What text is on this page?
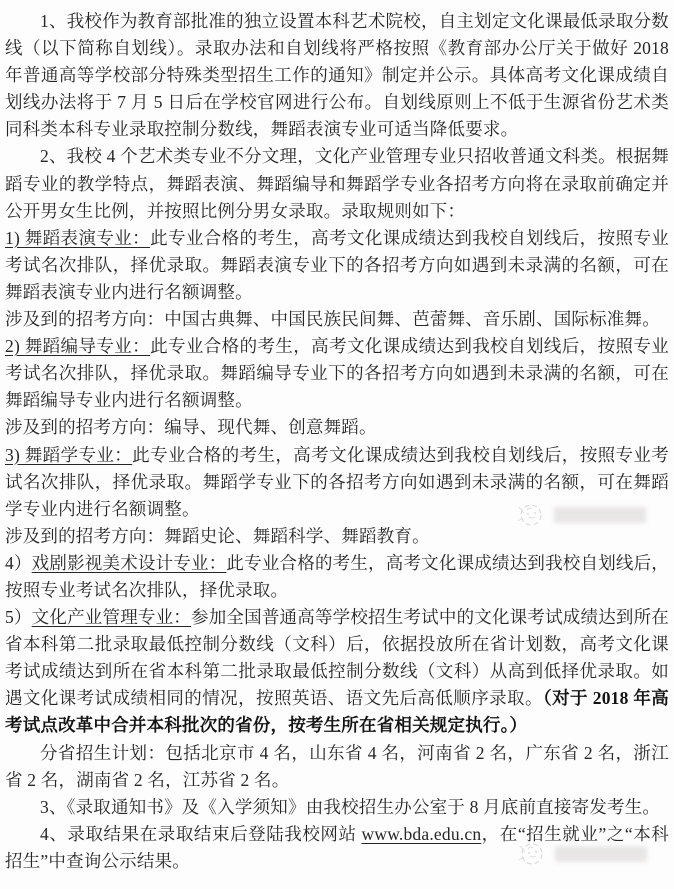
1、我校作为教育部批准的独立设置本科艺术院校，自主划定文化课最低录取分数线（以下简称自划线）。录取办法和自划线将严格按照《教育部办公厅关于做好 2018 年普通高等学校部分特殊类型招生工作的通知》制定并公示。具体高考文化课成绩自划线办法将于 7 月 5 日后在学校官网进行公布。自划线原则上不低于生源省份艺术类同科类本科专业录取控制分数线，舞蹈表演专业可适当降低要求。

2、我校 4 个艺术类专业不分文理，文化产业管理专业只招收普通文科类。根据舞蹈专业的教学特点，舞蹈表演、舞蹈编导和舞蹈学专业各招考方向将在录取前确定并公开男女生比例，并按照比例分男女录取。录取规则如下：

1) 舞蹈表演专业：此专业合格的考生，高考文化课成绩达到我校自划线后，按照专业考试名次排队，择优录取。舞蹈表演专业下的各招考方向如遇到未录满的名额，可在舞蹈表演专业内进行名额调整。

涉及到的招考方向：中国古典舞、中国民族民间舞、芭蕾舞、音乐剧、国际标准舞。

2) 舞蹈编导专业：此专业合格的考生，高考文化课成绩达到我校自划线后，按照专业考试名次排队，择优录取。舞蹈编导专业下的各招考方向如遇到未录满的名额，可在舞蹈编导专业内进行名额调整。

涉及到的招考方向：编导、现代舞、创意舞蹈。

3) 舞蹈学专业：此专业合格的考生，高考文化课成绩达到我校自划线后，按照专业考试名次排队，择优录取。舞蹈学专业下的各招考方向如遇到未录满的名额，可在舞蹈学专业内进行名额调整。

涉及到的招考方向：舞蹈史论、舞蹈科学、舞蹈教育。

4）戏剧影视美术设计专业：此专业合格的考生，高考文化课成绩达到我校自划线后，按照专业考试名次排队，择优录取。

5）文化产业管理专业：参加全国普通高等学校招生考试中的文化课考试成绩达到所在省本科第二批录取最低控制分数线（文科）后，依据投放所在省计划数，高考文化课考试成绩达到所在省本科第二批录取最低控制分数线（文科）从高到低择优录取。如遇文化课考试成绩相同的情况，按照英语、语文先后高低顺序录取。（对于 2018 年高考试点改革中合并本科批次的省份，按考生所在省相关规定执行。）

分省招生计划：包括北京市 4 名，山东省 4 名，河南省 2 名，广东省 2 名，浙江省 2 名，湖南省 2 名，江苏省 2 名。

3、《录取通知书》及《入学须知》由我校招生办公室于 8 月底前直接寄发考生。

4、录取结果在录取结束后登陆我校网站 www.bda.edu.cn，在“招生就业”之“本科招生”中查询公示结果。
